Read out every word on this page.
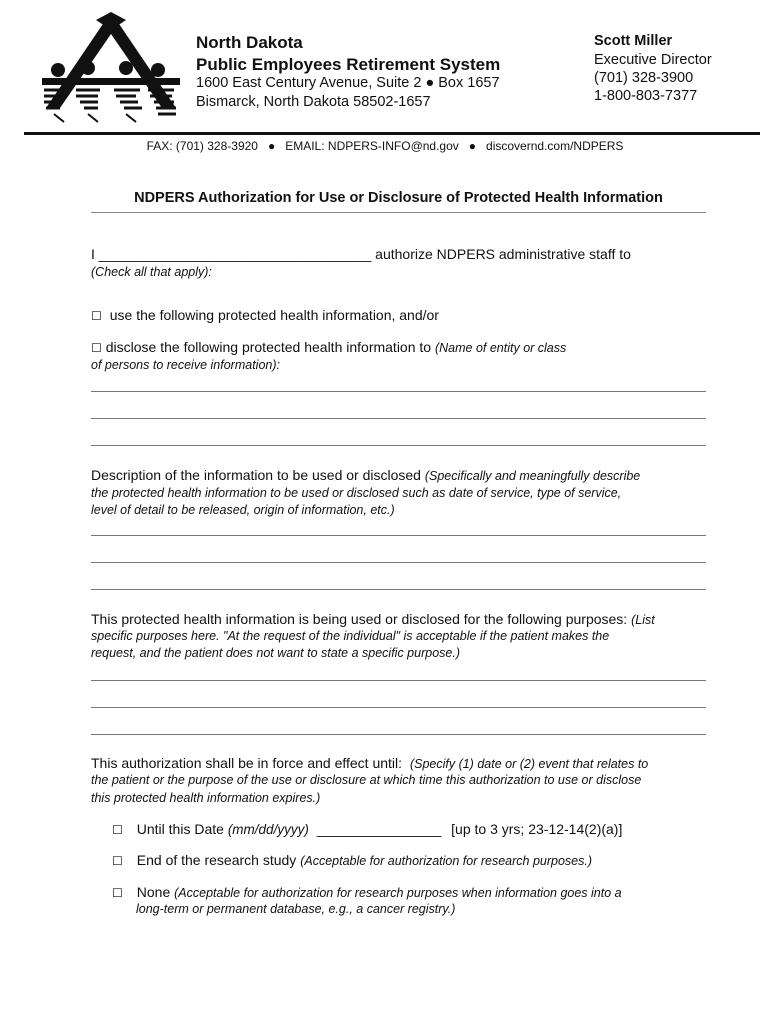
North Dakota
Public Employees Retirement System
1600 East Century Avenue, Suite 2 ● Box 1657
Bismarck, North Dakota 58502-1657
Scott Miller
Executive Director
(701) 328-3900
1-800-803-7377
FAX: (701) 328-3920 ● EMAIL: NDPERS-INFO@nd.gov ● discovernd.com/NDPERS
NDPERS Authorization for Use or Disclosure of Protected Health Information
I ___________________________________ authorize NDPERS administrative staff to
(Check all that apply):
☐ use the following protected health information, and/or
☐ disclose the following protected health information to (Name of entity or class
of persons to receive information):
Description of the information to be used or disclosed (Specifically and meaningfully describe
the protected health information to be used or disclosed such as date of service, type of service,
level of detail to be released, origin of information, etc.)
This protected health information is being used or disclosed for the following purposes: (List
specific purposes here. "At the request of the individual" is acceptable if the patient makes the
request, and the patient does not want to state a specific purpose.)
This authorization shall be in force and effect until: (Specify (1) date or (2) event that relates to
the patient or the purpose of the use or disclosure at which time this authorization to use or disclose
this protected health information expires.)
☐ Until this Date (mm/dd/yyyy) ________________ [up to 3 yrs; 23-12-14(2)(a)]
☐ End of the research study (Acceptable for authorization for research purposes.)
☐ None (Acceptable for authorization for research purposes when information goes into a
long-term or permanent database, e.g., a cancer registry.)
